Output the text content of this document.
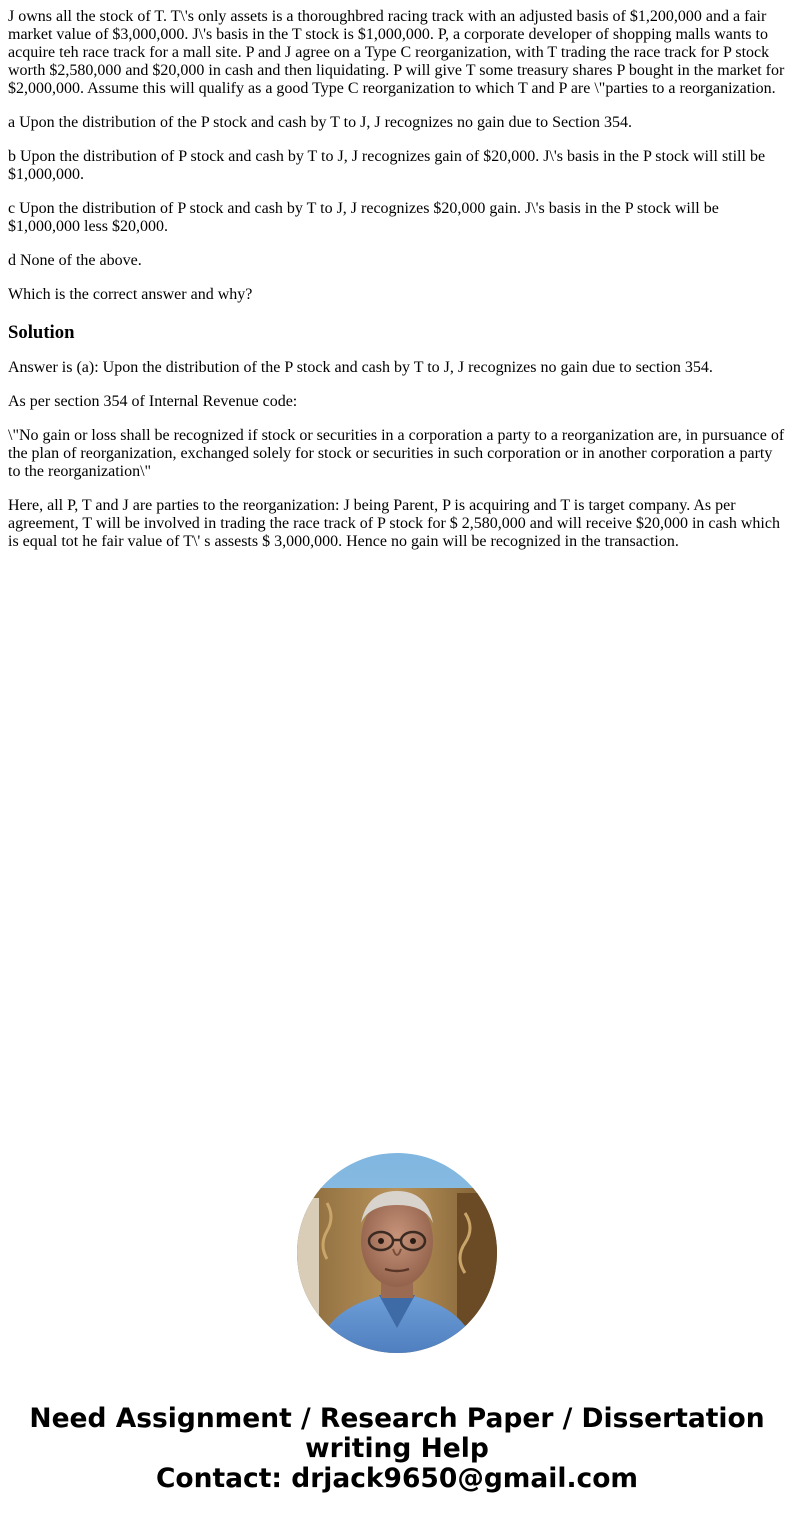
J owns all the stock of T. T\'s only assets is a thoroughbred racing track with an adjusted basis of $1,200,000 and a fair market value of $3,000,000. J\'s basis in the T stock is $1,000,000. P, a corporate developer of shopping malls wants to acquire teh race track for a mall site. P and J agree on a Type C reorganization, with T trading the race track for P stock worth $2,580,000 and $20,000 in cash and then liquidating. P will give T some treasury shares P bought in the market for $2,000,000. Assume this will qualify as a good Type C reorganization to which T and P are \"parties to a reorganization.

a Upon the distribution of the P stock and cash by T to J, J recognizes no gain due to Section 354.

b Upon the distribution of P stock and cash by T to J, J recognizes gain of $20,000. J\'s basis in the P stock will still be $1,000,000.

c Upon the distribution of P stock and cash by T to J, J recognizes $20,000 gain. J\'s basis in the P stock will be $1,000,000 less $20,000.

d None of the above.

Which is the correct answer and why?

Solution

Answer is (a): Upon the distribution of the P stock and cash by T to J, J recognizes no gain due to section 354.

As per section 354 of Internal Revenue code:

\"No gain or loss shall be recognized if stock or securities in a corporation a party to a reorganization are, in pursuance of the plan of reorganization, exchanged solely for stock or securities in such corporation or in another corporation a party to the reorganization\"

Here, all P, T and J are parties to the reorganization: J being Parent, P is acquiring and T is target company. As per agreement, T will be involved in trading the race track of P stock for $ 2,580,000 and will receive $20,000 in cash which is equal tot he fair value of T\' s assests $ 3,000,000. Hence no gain will be recognized in the transaction.

Need Assignment / Research Paper / Dissertation
writing Help
Contact: drjack9650@gmail.com
